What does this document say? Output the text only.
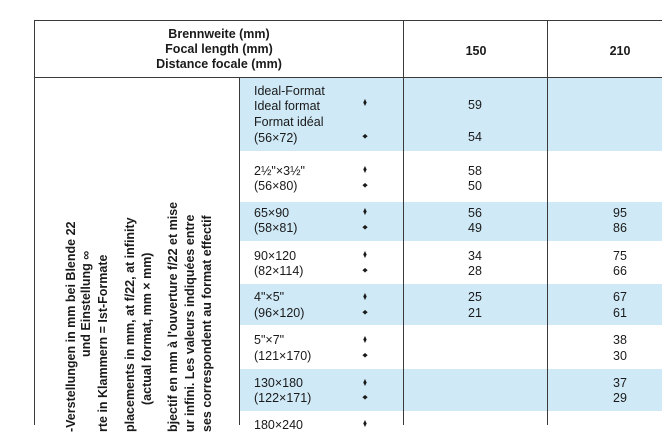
Brennweite (mm)
Focal length (mm)
Distance focale (mm)
150	210
-Verstellungen in mm bei Blende 22 und Einstellung ∞ rte in Klammern = Ist-Formate placements in mm, at f/22, at infinity (actual format, mm × mm) bjectif en mm à l'ouverture f/22 et mise ur infini. Les valeurs indiquées entre ses correspondent au format effectif
Ideal-Format
Ideal format
Format idéal
(56×72)
♦
♦
59
54
2½"×3½"
(56×80)
♦
♦
58
50
65×90
(58×81)
♦
♦
56
49
95
86
90×120
(82×114)
♦
♦
34
28
75
66
4"×5"
(96×120)
♦
♦
25
21
67
61
5"×7"
(121×170)
♦
♦
38
30
130×180
(122×171)
♦
♦
37
29
180×240	♦
